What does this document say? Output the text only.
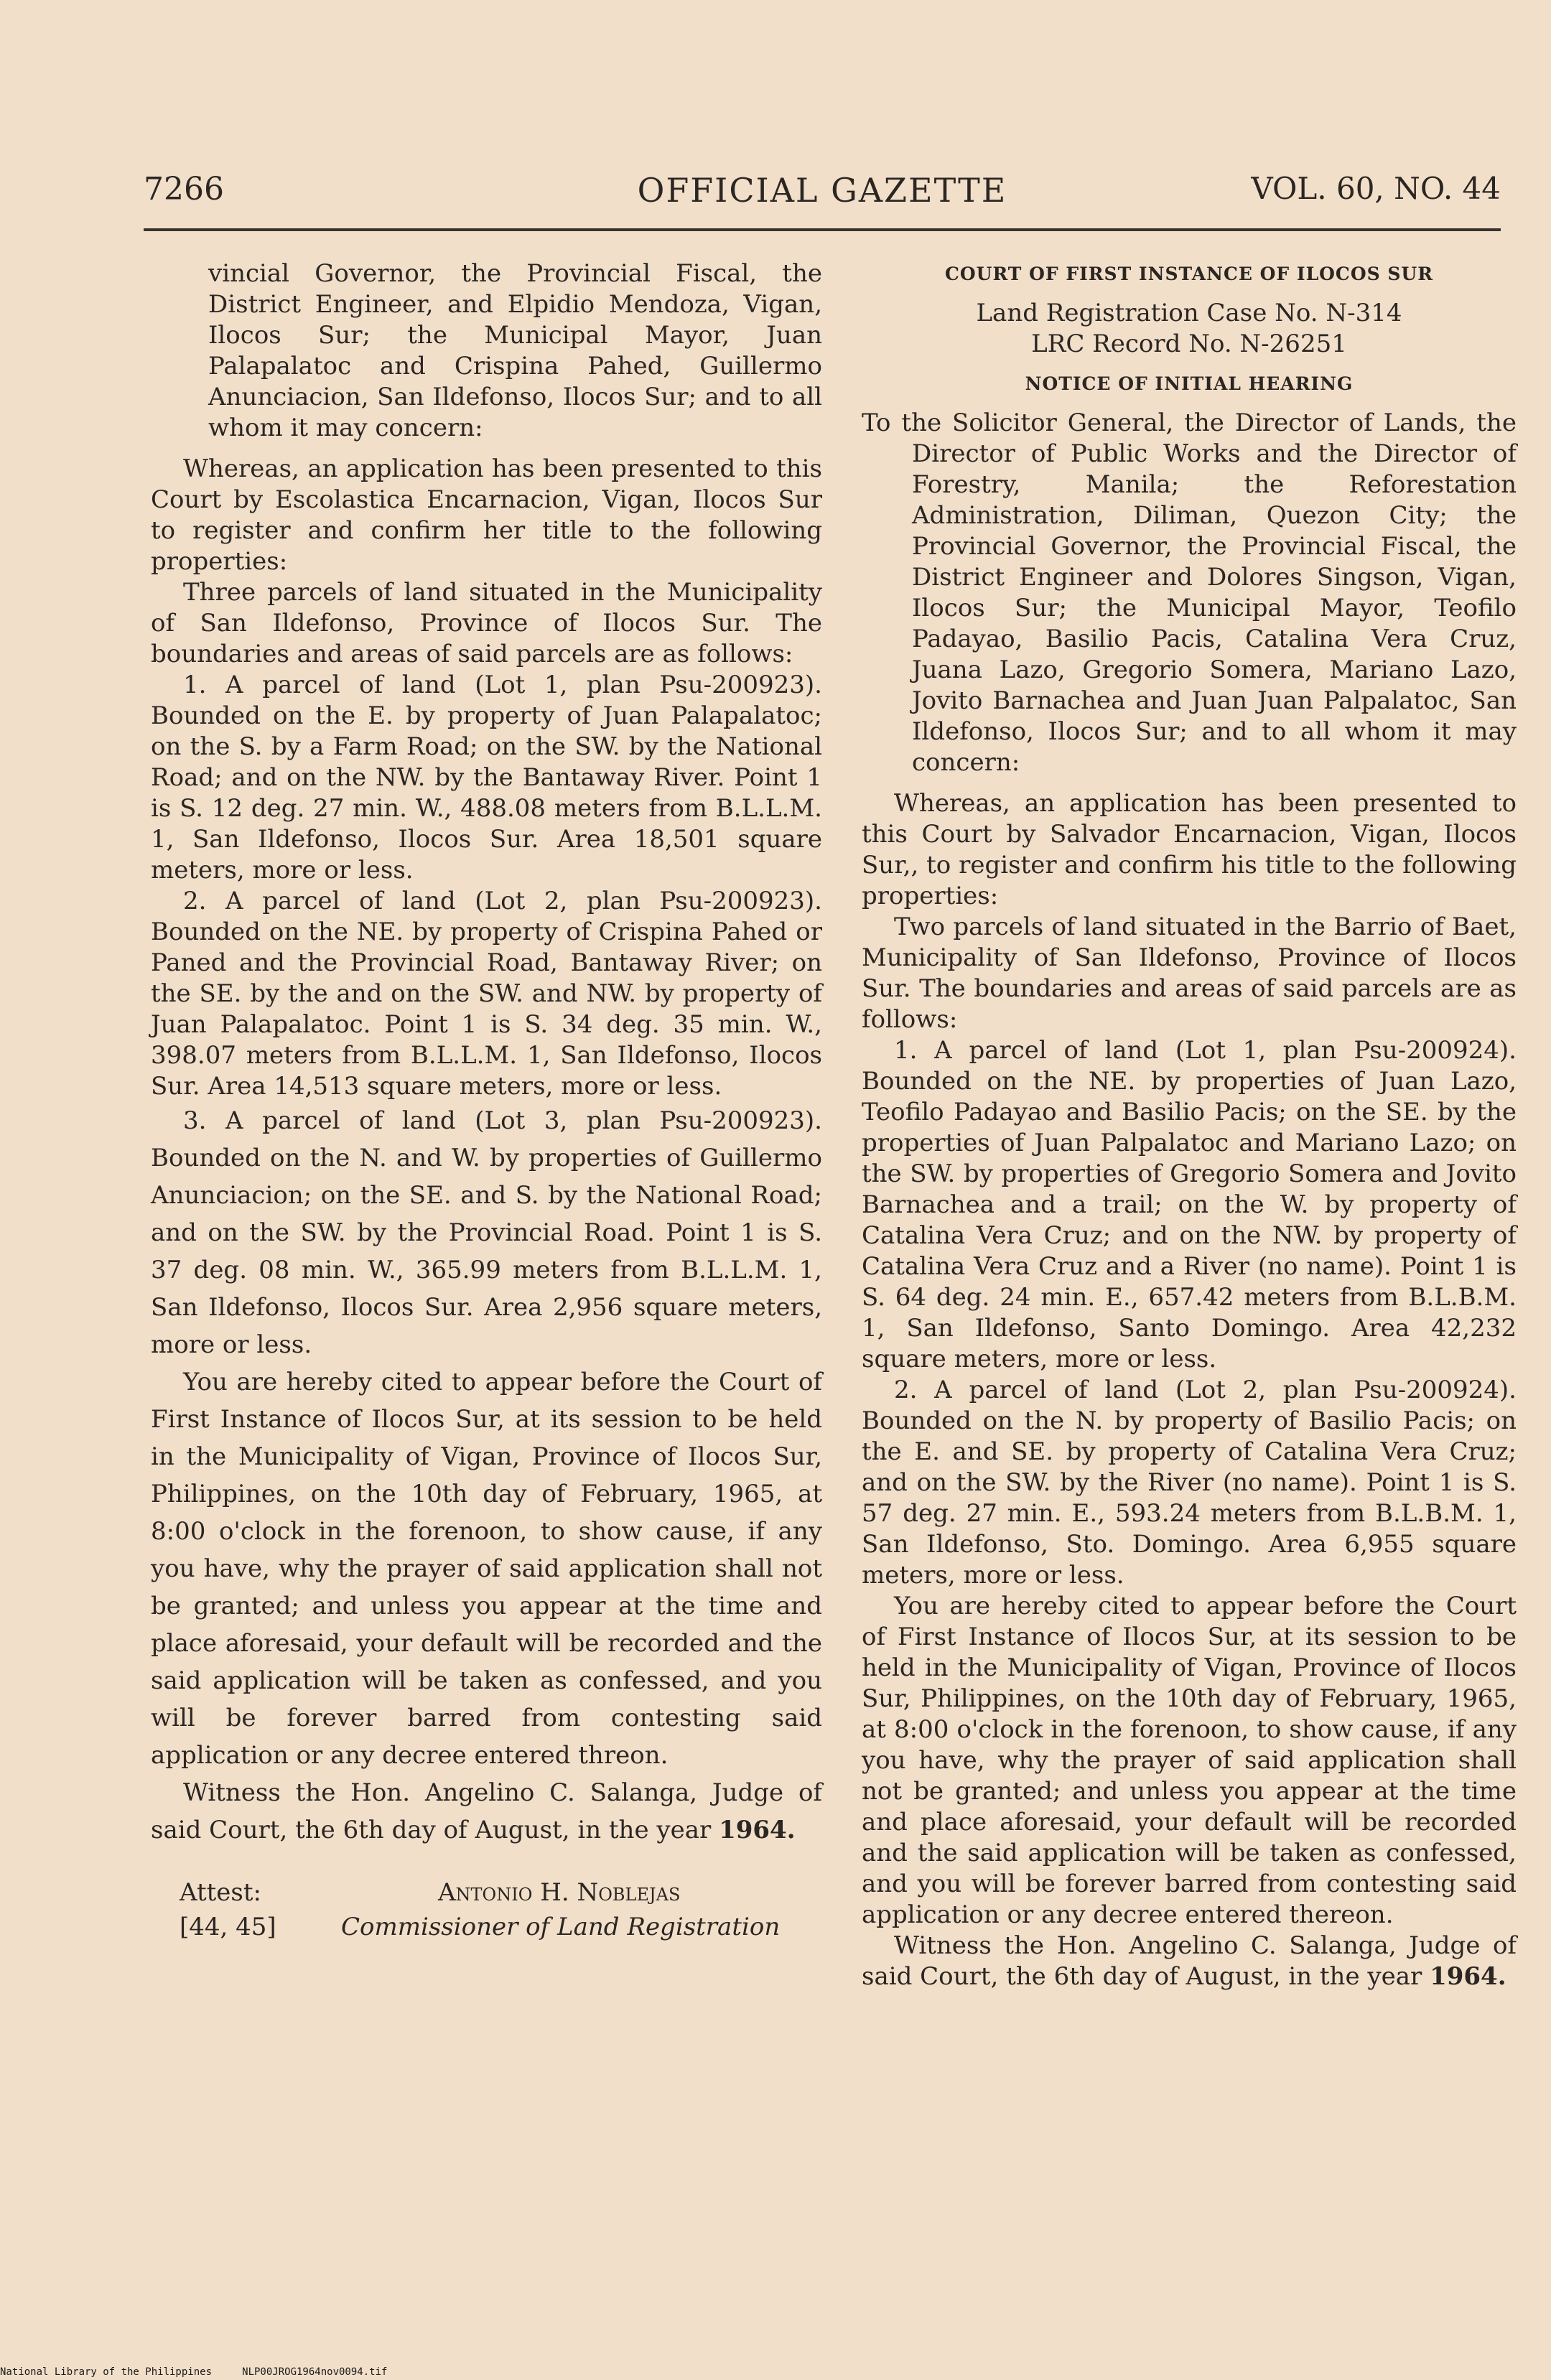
7266	OFFICIAL GAZETTE	VOL. 60, NO. 44

vincial Governor, the Provincial Fiscal, the District Engineer, and Elpidio Mendoza, Vigan, Ilocos Sur; the Municipal Mayor, Juan Palapalatoc and Crispina Pahed, Guillermo Anunciacion, San Ildefonso, Ilocos Sur; and to all whom it may concern:

Whereas, an application has been presented to this Court by Escolastica Encarnacion, Vigan, Ilocos Sur to register and confirm her title to the following properties:

Three parcels of land situated in the Municipality of San Ildefonso, Province of Ilocos Sur. The boundaries and areas of said parcels are as follows:

1. A parcel of land (Lot 1, plan Psu-200923). Bounded on the E. by property of Juan Palapalatoc; on the S. by a Farm Road; on the SW. by the National Road; and on the NW. by the Bantaway River. Point 1 is S. 12 deg. 27 min. W., 488.08 meters from B.L.L.M. 1, San Ildefonso, Ilocos Sur. Area 18,501 square meters, more or less.

2. A parcel of land (Lot 2, plan Psu-200923). Bounded on the NE. by property of Crispina Pahed or Paned and the Provincial Road, Bantaway River; on the SE. by the and on the SW. and NW. by property of Juan Palapalatoc. Point 1 is S. 34 deg. 35 min. W., 398.07 meters from B.L.L.M. 1, San Ildefonso, Ilocos Sur. Area 14,513 square meters, more or less.

3. A parcel of land (Lot 3, plan Psu-200923). Bounded on the N. and W. by properties of Guillermo Anunciacion; on the SE. and S. by the National Road; and on the SW. by the Provincial Road. Point 1 is S. 37 deg. 08 min. W., 365.99 meters from B.L.L.M. 1, San Ildefonso, Ilocos Sur. Area 2,956 square meters, more or less.

You are hereby cited to appear before the Court of First Instance of Ilocos Sur, at its session to be held in the Municipality of Vigan, Province of Ilocos Sur, Philippines, on the 10th day of February, 1965, at 8:00 o'clock in the forenoon, to show cause, if any you have, why the prayer of said application shall not be granted; and unless you appear at the time and place aforesaid, your default will be recorded and the said application will be taken as confessed, and you will be forever barred from contesting said application or any decree entered threon.

Witness the Hon. Angelino C. Salanga, Judge of said Court, the 6th day of August, in the year 1964.

Attest:
[44, 45]
Antonio H. Noblejas
Commissioner of Land Registration

COURT OF FIRST INSTANCE OF ILOCOS SUR

Land Registration Case No. N-314

LRC Record No. N-26251

NOTICE OF INITIAL HEARING

To the Solicitor General, the Director of Lands, the Director of Public Works and the Director of Forestry, Manila; the Reforestation Administration, Diliman, Quezon City; the Provincial Governor, the Provincial Fiscal, the District Engineer and Dolores Singson, Vigan, Ilocos Sur; the Municipal Mayor, Teofilo Padayao, Basilio Pacis, Catalina Vera Cruz, Juana Lazo, Gregorio Somera, Mariano Lazo, Jovito Barnachea and Juan Juan Palpalatoc, San Ildefonso, Ilocos Sur; and to all whom it may concern:

Whereas, an application has been presented to this Court by Salvador Encarnacion, Vigan, Ilocos Sur,, to register and confirm his title to the following properties:

Two parcels of land situated in the Barrio of Baet, Municipality of San Ildefonso, Province of Ilocos Sur. The boundaries and areas of said parcels are as follows:

1. A parcel of land (Lot 1, plan Psu-200924). Bounded on the NE. by properties of Juan Lazo, Teofilo Padayao and Basilio Pacis; on the SE. by the properties of Juan Palpalatoc and Mariano Lazo; on the SW. by properties of Gregorio Somera and Jovito Barnachea and a trail; on the W. by property of Catalina Vera Cruz; and on the NW. by property of Catalina Vera Cruz and a River (no name). Point 1 is S. 64 deg. 24 min. E., 657.42 meters from B.L.B.M. 1, San Ildefonso, Santo Domingo. Area 42,232 square meters, more or less.

2. A parcel of land (Lot 2, plan Psu-200924). Bounded on the N. by property of Basilio Pacis; on the E. and SE. by property of Catalina Vera Cruz; and on the SW. by the River (no name). Point 1 is S. 57 deg. 27 min. E., 593.24 meters from B.L.B.M. 1, San Ildefonso, Sto. Domingo. Area 6,955 square meters, more or less.

You are hereby cited to appear before the Court of First Instance of Ilocos Sur, at its session to be held in the Municipality of Vigan, Province of Ilocos Sur, Philippines, on the 10th day of February, 1965, at 8:00 o'clock in the forenoon, to show cause, if any you have, why the prayer of said application shall not be granted; and unless you appear at the time and place aforesaid, your default will be recorded and the said application will be taken as confessed, and you will be forever barred from contesting said application or any decree entered thereon.

Witness the Hon. Angelino C. Salanga, Judge of said Court, the 6th day of August, in the year 1964.

National Library of the Philippines     NLP00JROG1964nov0094.tif
